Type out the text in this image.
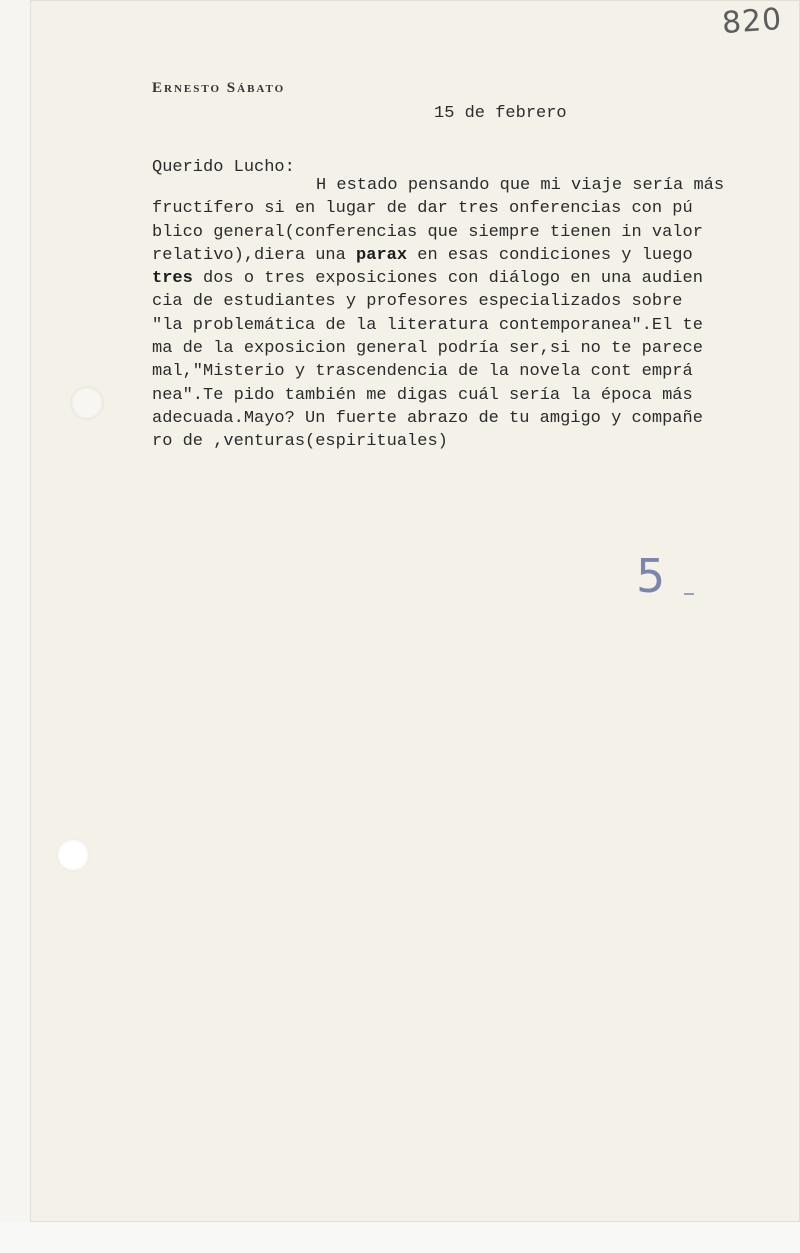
820
Ernesto Sábato
15 de febrero
Querido Lucho:
H estado pensando que mi viaje sería más
fructífero si en lugar de dar tres onferencias con pú
blico general(conferencias que siempre tienen in valor
relativo),diera una parax en esas condiciones y luego
tres dos o tres exposiciones con diálogo en una audien
cia de estudiantes y profesores especializados sobre
"la problemática de la literatura contemporanea".El te
ma de la exposicion general podría ser,si no te parece
mal,"Misterio y trascendencia de la novela cont emprá
nea".Te pido también me digas cuál sería la época más
adecuada.Mayo? Un fuerte abrazo de tu amgigo y compañe
ro de ,venturas(espirituales)
5
